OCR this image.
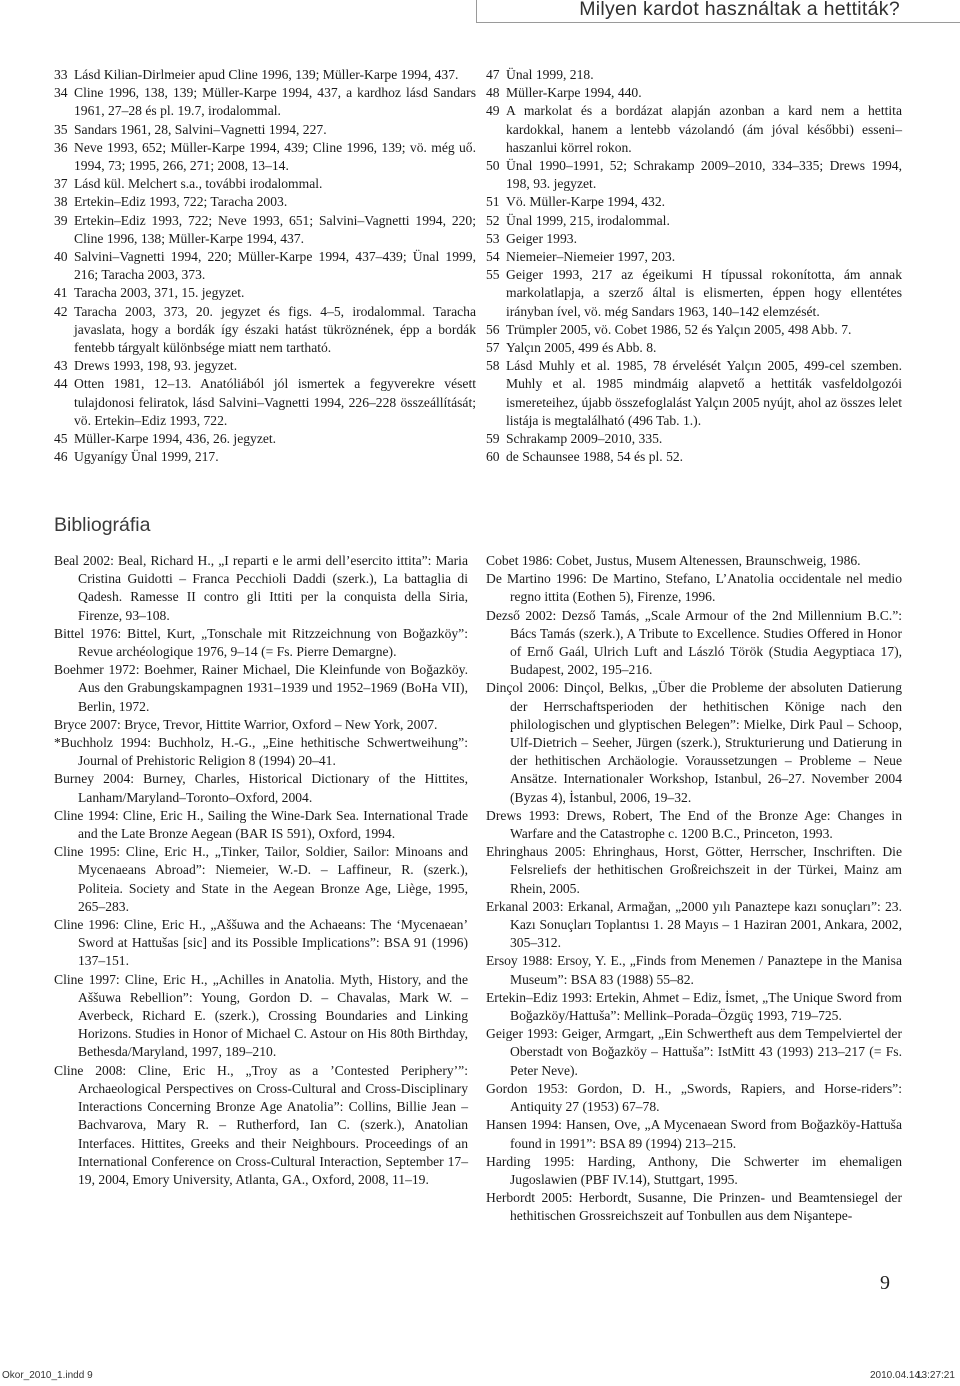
Milyen kardot használtak a hettiták?
33 Lásd Kilian-Dirlmeier apud Cline 1996, 139; Müller-Karpe 1994, 437.
34 Cline 1996, 138, 139; Müller-Karpe 1994, 437, a kardhoz lásd Sandars 1961, 27–28 és pl. 19.7, irodalommal.
35 Sandars 1961, 28, Salvini–Vagnetti 1994, 227.
36 Neve 1993, 652; Müller-Karpe 1994, 439; Cline 1996, 139; vö. még uő. 1994, 73; 1995, 266, 271; 2008, 13–14.
37 Lásd kül. Melchert s.a., további irodalommal.
38 Ertekin–Ediz 1993, 722; Taracha 2003.
39 Ertekin–Ediz 1993, 722; Neve 1993, 651; Salvini–Vagnetti 1994, 220; Cline 1996, 138; Müller-Karpe 1994, 437.
40 Salvini–Vagnetti 1994, 220; Müller-Karpe 1994, 437–439; Ünal 1999, 216; Taracha 2003, 373.
41 Taracha 2003, 371, 15. jegyzet.
42 Taracha 2003, 373, 20. jegyzet és figs. 4–5, irodalommal. Taracha javaslata, hogy a bordák így északi hatást tükröznének, épp a bordák fentebb tárgyalt különbsége miatt nem tartható.
43 Drews 1993, 198, 93. jegyzet.
44 Otten 1981, 12–13. Anatóliából jól ismertek a fegyverekre vésett tulajdonosi feliratok, lásd Salvini–Vagnetti 1994, 226–228 összeállítását; vö. Ertekin–Ediz 1993, 722.
45 Müller-Karpe 1994, 436, 26. jegyzet.
46 Ugyanígy Ünal 1999, 217.
47 Ünal 1999, 218.
48 Müller-Karpe 1994, 440.
49 A markolat és a bordázat alapján azonban a kard nem a hettita kardokkal, hanem a lentebb vázolandó (ám jóval későbbi) esseni–haszanlui körrel rokon.
50 Ünal 1990–1991, 52; Schrakamp 2009–2010, 334–335; Drews 1994, 198, 93. jegyzet.
51 Vö. Müller-Karpe 1994, 432.
52 Ünal 1999, 215, irodalommal.
53 Geiger 1993.
54 Niemeier–Niemeier 1997, 203.
55 Geiger 1993, 217 az égeikumi H típussal rokonította, ám annak markolatlapja, a szerző által is elismerten, éppen hogy ellentétes irányban ível, vö. még Sandars 1963, 140–142 elemzését.
56 Trümpler 2005, vö. Cobet 1986, 52 és Yalçın 2005, 498 Abb. 7.
57 Yalçın 2005, 499 és Abb. 8.
58 Lásd Muhly et al. 1985, 78 érvelését Yalçın 2005, 499-cel szemben. Muhly et al. 1985 mindmáig alapvető a hettiták vasfeldolgozói ismereteihez, újabb összefoglalást Yalçın 2005 nyújt, ahol az összes lelet listája is megtalálható (496 Tab. 1.).
59 Schrakamp 2009–2010, 335.
60 de Schaunsee 1988, 54 és pl. 52.
Bibliográfia

Beal 2002: Beal, Richard H., „I reparti e le armi dell’esercito ittita”: Maria Cristina Guidotti – Franca Pecchioli Daddi (szerk.), La battaglia di Qadesh. Ramesse II contro gli Ittiti per la conquista della Siria, Firenze, 93–108.

Bittel 1976: Bittel, Kurt, „Tonschale mit Ritzzeichnung von Boğazköy”: Revue archéologique 1976, 9–14 (= Fs. Pierre Demargne).

Boehmer 1972: Boehmer, Rainer Michael, Die Kleinfunde von Boğazköy. Aus den Grabungskampagnen 1931–1939 und 1952–1969 (BoHa VII), Berlin, 1972.

Bryce 2007: Bryce, Trevor, Hittite Warrior, Oxford – New York, 2007.

*Buchholz 1994: Buchholz, H.-G., „Eine hethitische Schwertweihung”: Journal of Prehistoric Religion 8 (1994) 20–41.

Burney 2004: Burney, Charles, Historical Dictionary of the Hittites, Lanham/Maryland–Toronto–Oxford, 2004.

Cline 1994: Cline, Eric H., Sailing the Wine-Dark Sea. International Trade and the Late Bronze Aegean (BAR IS 591), Oxford, 1994.

Cline 1995: Cline, Eric H., „Tinker, Tailor, Soldier, Sailor: Minoans and Mycenaeans Abroad”: Niemeier, W.-D. – Laffineur, R. (szerk.), Politeia. Society and State in the Aegean Bronze Age, Liège, 1995, 265–283.

Cline 1996: Cline, Eric H., „Aššuwa and the Achaeans: The ‘Mycenaean’ Sword at Hattušas [sic] and its Possible Implications”: BSA 91 (1996) 137–151.

Cline 1997: Cline, Eric H., „Achilles in Anatolia. Myth, History, and the Aššuwa Rebellion”: Young, Gordon D. – Chavalas, Mark W. – Averbeck, Richard E. (szerk.), Crossing Boundaries and Linking Horizons. Studies in Honor of Michael C. Astour on His 80th Birthday, Bethesda/Maryland, 1997, 189–210.

Cline 2008: Cline, Eric H., „Troy as a ’Contested Periphery’”: Archaeological Perspectives on Cross-Cultural and Cross-Disciplinary Interactions Concerning Bronze Age Anatolia”: Collins, Billie Jean – Bachvarova, Mary R. – Rutherford, Ian C. (szerk.), Anatolian Interfaces. Hittites, Greeks and their Neighbours. Proceedings of an International Conference on Cross-Cultural Interaction, September 17–19, 2004, Emory University, Atlanta, GA., Oxford, 2008, 11–19.

Cobet 1986: Cobet, Justus, Musem Altenessen, Braunschweig, 1986.

De Martino 1996: De Martino, Stefano, L’Anatolia occidentale nel medio regno ittita (Eothen 5), Firenze, 1996.

Dezső 2002: Dezső Tamás, „Scale Armour of the 2nd Millennium B.C.”: Bács Tamás (szerk.), A Tribute to Excellence. Studies Offered in Honor of Ernő Gaál, Ulrich Luft and László Török (Studia Aegyptiaca 17), Budapest, 2002, 195–216.

Dinçol 2006: Dinçol, Belkıs, „Über die Probleme der absoluten Datierung der Herrschaftsperioden der hethitischen Könige nach den philologischen und glyptischen Belegen”: Mielke, Dirk Paul – Schoop, Ulf-Dietrich – Seeher, Jürgen (szerk.), Strukturierung und Datierung in der hethitischen Archäologie. Voraussetzungen – Probleme – Neue Ansätze. Internationaler Workshop, Istanbul, 26–27. November 2004 (Byzas 4), İstanbul, 2006, 19–32.

Drews 1993: Drews, Robert, The End of the Bronze Age: Changes in Warfare and the Catastrophe c. 1200 B.C., Princeton, 1993.

Ehringhaus 2005: Ehringhaus, Horst, Götter, Herrscher, Inschriften. Die Felsreliefs der hethitischen Großreichszeit in der Türkei, Mainz am Rhein, 2005.

Erkanal 2003: Erkanal, Armağan, „2000 yılı Panaztepe kazı sonuçları”: 23. Kazı Sonuçları Toplantısı 1. 28 Mayıs – 1 Haziran 2001, Ankara, 2002, 305–312.

Ersoy 1988: Ersoy, Y. E., „Finds from Menemen / Panaztepe in the Manisa Museum”: BSA 83 (1988) 55–82.

Ertekin–Ediz 1993: Ertekin, Ahmet – Ediz, İsmet, „The Unique Sword from Boğazköy/Hattuša”: Mellink–Porada–Özgüç 1993, 719–725.

Geiger 1993: Geiger, Armgart, „Ein Schwertheft aus dem Tempelviertel der Oberstadt von Boğazköy – Hattuša”: IstMitt 43 (1993) 213–217 (= Fs. Peter Neve).

Gordon 1953: Gordon, D. H., „Swords, Rapiers, and Horse-riders”: Antiquity 27 (1953) 67–78.

Hansen 1994: Hansen, Ove, „A Mycenaean Sword from Boğazköy-Hattuša found in 1991”: BSA 89 (1994) 213–215.

Harding 1995: Harding, Anthony, Die Schwerter im ehemaligen Jugoslawien (PBF IV.14), Stuttgart, 1995.

Herbordt 2005: Herbordt, Susanne, Die Prinzen- und Beamtensiegel der hethitischen Grossreichszeit auf Tonbullen aus dem Nişantepe-

9
Okor_2010_1.indd 9	2010.04.14.
13:27:21
